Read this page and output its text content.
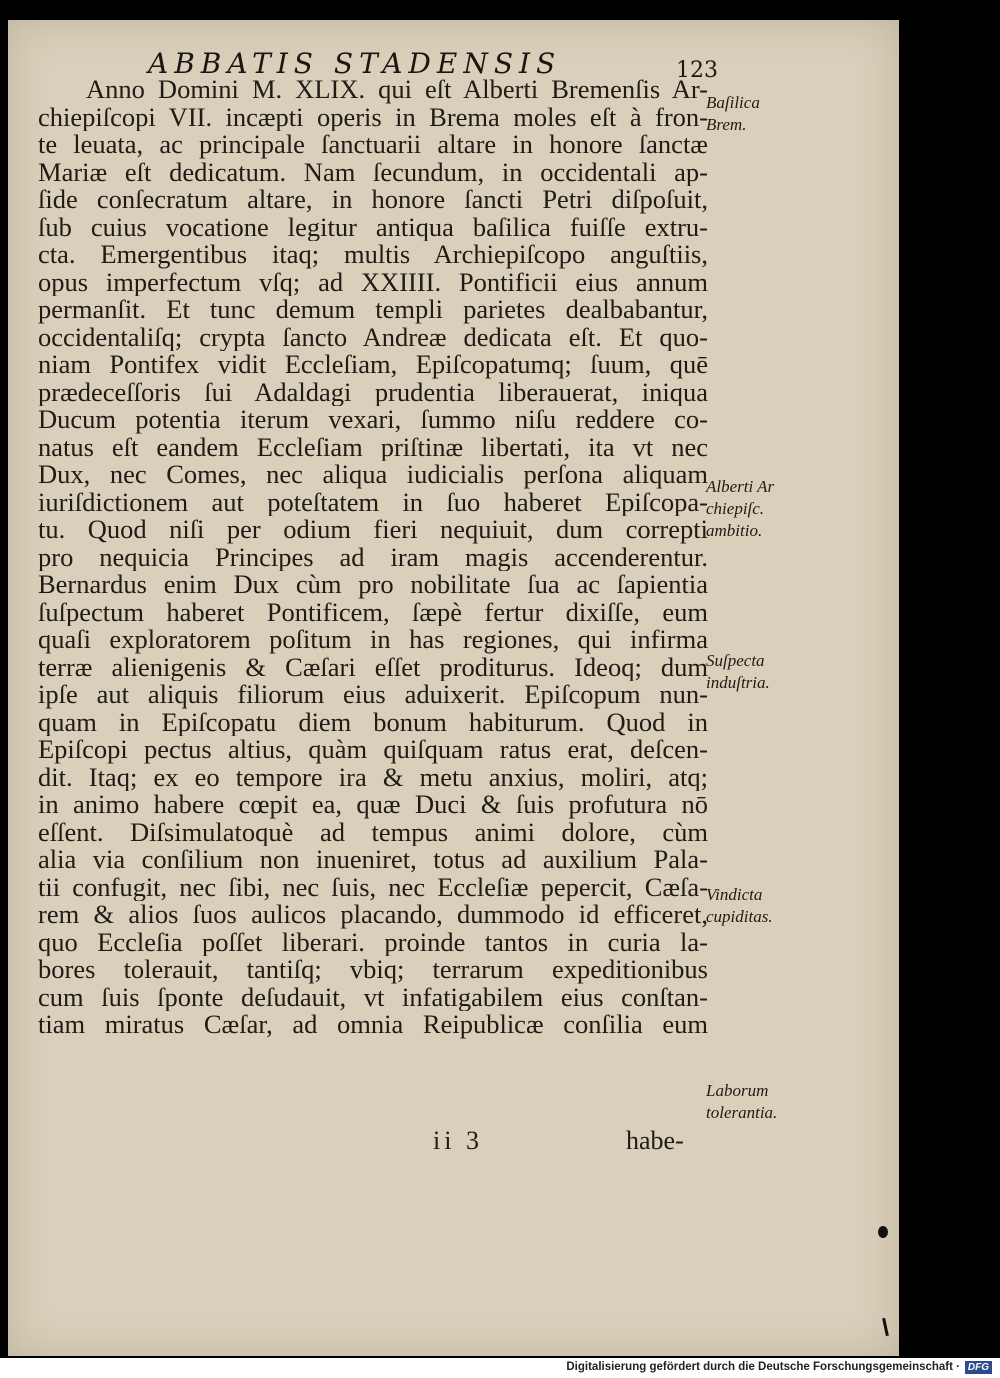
ABBATIS STADENSIS	123
Anno Domini M. XLIX. qui eſt Alberti Bremenſis Ar-
chiepiſcopi VII. incæpti operis in Brema moles eſt à fron-
te leuata, ac principale ſanctuarii altare in honore ſanctæ
Mariæ eſt dedicatum. Nam ſecundum, in occidentali ap-
ſide conſecratum altare, in honore ſancti Petri diſpoſuit,
ſub cuius vocatione legitur antiqua baſilica fuiſſe extru-
cta. Emergentibus itaq; multis Archiepiſcopo anguſtiis,
opus imperfectum vſq; ad XXIIII. Pontificii eius annum
permanſit. Et tunc demum templi parietes dealbabantur,
occidentaliſq; crypta ſancto Andreæ dedicata eſt. Et quo-
niam Pontifex vidit Eccleſiam, Epiſcopatumq; ſuum, quē
prædeceſſoris ſui Adaldagi prudentia liberauerat, iniqua
Ducum potentia iterum vexari, ſummo niſu reddere co-
natus eſt eandem Eccleſiam priſtinæ libertati, ita vt nec
Dux, nec Comes, nec aliqua iudicialis perſona aliquam
iuriſdictionem aut poteſtatem in ſuo haberet Epiſcopa-
tu. Quod niſi per odium fieri nequiuit, dum correpti
pro nequicia Principes ad iram magis accenderentur.
Bernardus enim Dux cùm pro nobilitate ſua ac ſapientia
ſuſpectum haberet Pontificem, ſæpè fertur dixiſſe, eum
quaſi exploratorem poſitum in has regiones, qui infirma
terræ alienigenis & Cæſari eſſet proditurus. Ideoq; dum
ipſe aut aliquis filiorum eius aduixerit. Epiſcopum nun-
quam in Epiſcopatu diem bonum habiturum. Quod in
Epiſcopi pectus altius, quàm quiſquam ratus erat, deſcen-
dit. Itaq; ex eo tempore ira & metu anxius, moliri, atq;
in animo habere cœpit ea, quæ Duci & ſuis profutura nō
eſſent. Diſsimulatoquè ad tempus animi dolore, cùm
alia via conſilium non inueniret, totus ad auxilium Pala-
tii confugit, nec ſibi, nec ſuis, nec Eccleſiæ pepercit, Cæſa-
rem & alios ſuos aulicos placando, dummodo id efficeret,
quo Eccleſia poſſet liberari. proinde tantos in curia la-
bores tolerauit, tantiſq; vbiq; terrarum expeditionibus
cum ſuis ſponte deſudauit, vt infatigabilem eius conſtan-
tiam miratus Cæſar, ad omnia Reipublicæ conſilia eum
Baſilica
Brem.
Alberti Ar
chiepiſc.
ambitio.
Suſpecta
induſtria.
Vindicta
cupiditas.
Laborum
tolerantia.
ii 3	habe-
Digitalisierung gefördert durch die Deutsche Forschungsgemeinschaft · DFG
